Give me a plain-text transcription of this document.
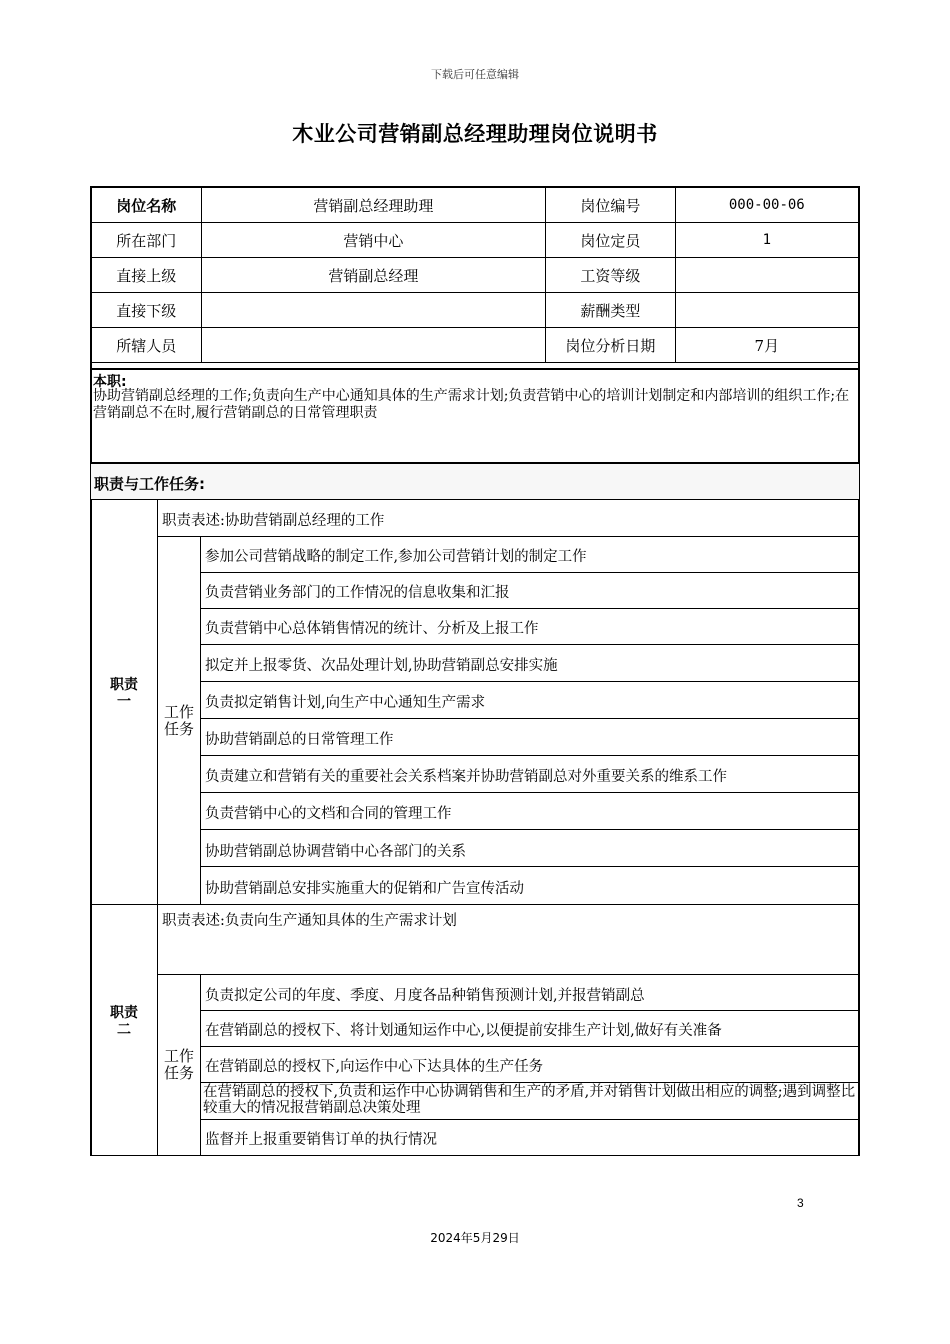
下载后可任意编辑
木业公司营销副总经理助理岗位说明书
岗位名称	营销副总经理助理	岗位编号	000-00-06
所在部门	营销中心	岗位定员	1
直接上级	营销副总经理	工资等级	
直接下级		薪酬类型	
所辖人员		岗位分析日期	7月
本职:
协助营销副总经理的工作;负责向生产中心通知具体的生产需求计划;负责营销中心的培训计划制定和内部培训的组织工作;在营销副总不在时,履行营销副总的日常管理职责
职责与工作任务:
职责一
工作任务
职责表述:协助营销副总经理的工作
参加公司营销战略的制定工作,参加公司营销计划的制定工作
负责营销业务部门的工作情况的信息收集和汇报
负责营销中心总体销售情况的统计、分析及上报工作
拟定并上报零货、次品处理计划,协助营销副总安排实施
负责拟定销售计划,向生产中心通知生产需求
协助营销副总的日常管理工作
负责建立和营销有关的重要社会关系档案并协助营销副总对外重要关系的维系工作
负责营销中心的文档和合同的管理工作
协助营销副总协调营销中心各部门的关系
协助营销副总安排实施重大的促销和广告宣传活动
职责二
工作任务
职责表述:负责向生产通知具体的生产需求计划
负责拟定公司的年度、季度、月度各品种销售预测计划,并报营销副总
在营销副总的授权下、将计划通知运作中心,以便提前安排生产计划,做好有关准备
在营销副总的授权下,向运作中心下达具体的生产任务
在营销副总的授权下,负责和运作中心协调销售和生产的矛盾,并对销售计划做出相应的调整;遇到调整比较重大的情况报营销副总决策处理
监督并上报重要销售订单的执行情况
3
2024年5月29日
